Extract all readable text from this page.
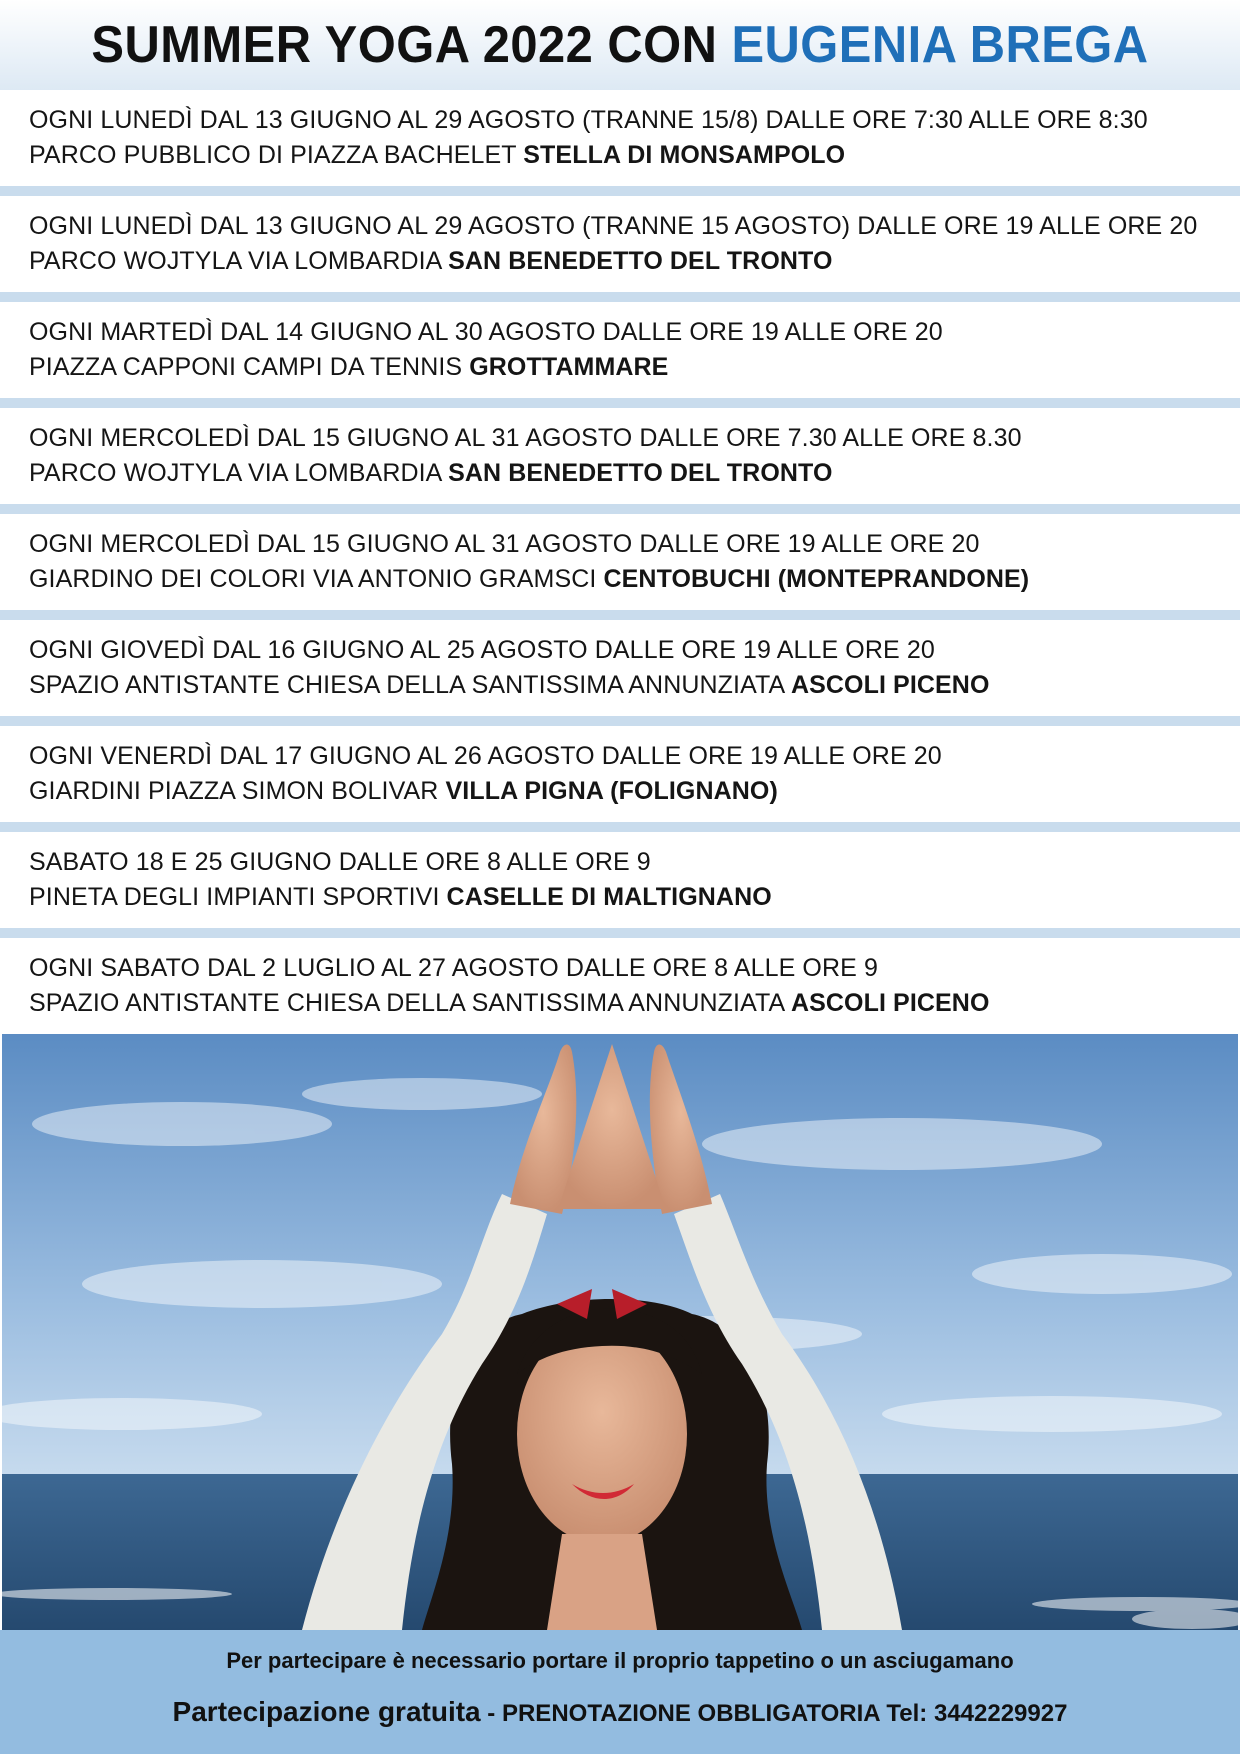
SUMMER YOGA 2022 CON EUGENIA BREGA
OGNI LUNEDÌ DAL 13 GIUGNO AL 29 AGOSTO (TRANNE 15/8) DALLE ORE 7:30 ALLE ORE 8:30
PARCO PUBBLICO DI PIAZZA BACHELET STELLA DI MONSAMPOLO
OGNI LUNEDÌ DAL 13 GIUGNO AL 29 AGOSTO (TRANNE 15 AGOSTO) DALLE ORE 19 ALLE ORE 20
PARCO WOJTYLA VIA LOMBARDIA SAN BENEDETTO DEL TRONTO
OGNI MARTEDÌ DAL 14 GIUGNO AL 30 AGOSTO DALLE ORE 19 ALLE ORE 20
PIAZZA CAPPONI CAMPI DA TENNIS GROTTAMMARE
OGNI MERCOLEDÌ DAL 15 GIUGNO AL 31 AGOSTO DALLE ORE 7.30 ALLE ORE 8.30
PARCO WOJTYLA VIA LOMBARDIA SAN BENEDETTO DEL TRONTO
OGNI MERCOLEDÌ DAL 15 GIUGNO AL 31 AGOSTO DALLE ORE 19 ALLE ORE 20
GIARDINO DEI COLORI VIA ANTONIO GRAMSCI CENTOBUCHI (MONTEPRANDONE)
OGNI GIOVEDÌ DAL 16 GIUGNO AL 25 AGOSTO DALLE ORE 19 ALLE ORE 20
SPAZIO ANTISTANTE CHIESA DELLA SANTISSIMA ANNUNZIATA ASCOLI PICENO
OGNI VENERDÌ DAL 17 GIUGNO AL 26 AGOSTO DALLE ORE 19 ALLE ORE 20
GIARDINI PIAZZA SIMON BOLIVAR VILLA PIGNA (FOLIGNANO)
SABATO 18 E 25 GIUGNO DALLE ORE 8 ALLE ORE 9
PINETA DEGLI IMPIANTI SPORTIVI CASELLE DI MALTIGNANO
OGNI SABATO DAL 2 LUGLIO AL 27 AGOSTO DALLE ORE 8 ALLE ORE 9
SPAZIO ANTISTANTE CHIESA DELLA SANTISSIMA ANNUNZIATA ASCOLI PICENO
Per partecipare è necessario portare il proprio tappetino o un asciugamano
Partecipazione gratuita - PRENOTAZIONE OBBLIGATORIA Tel: 3442229927
